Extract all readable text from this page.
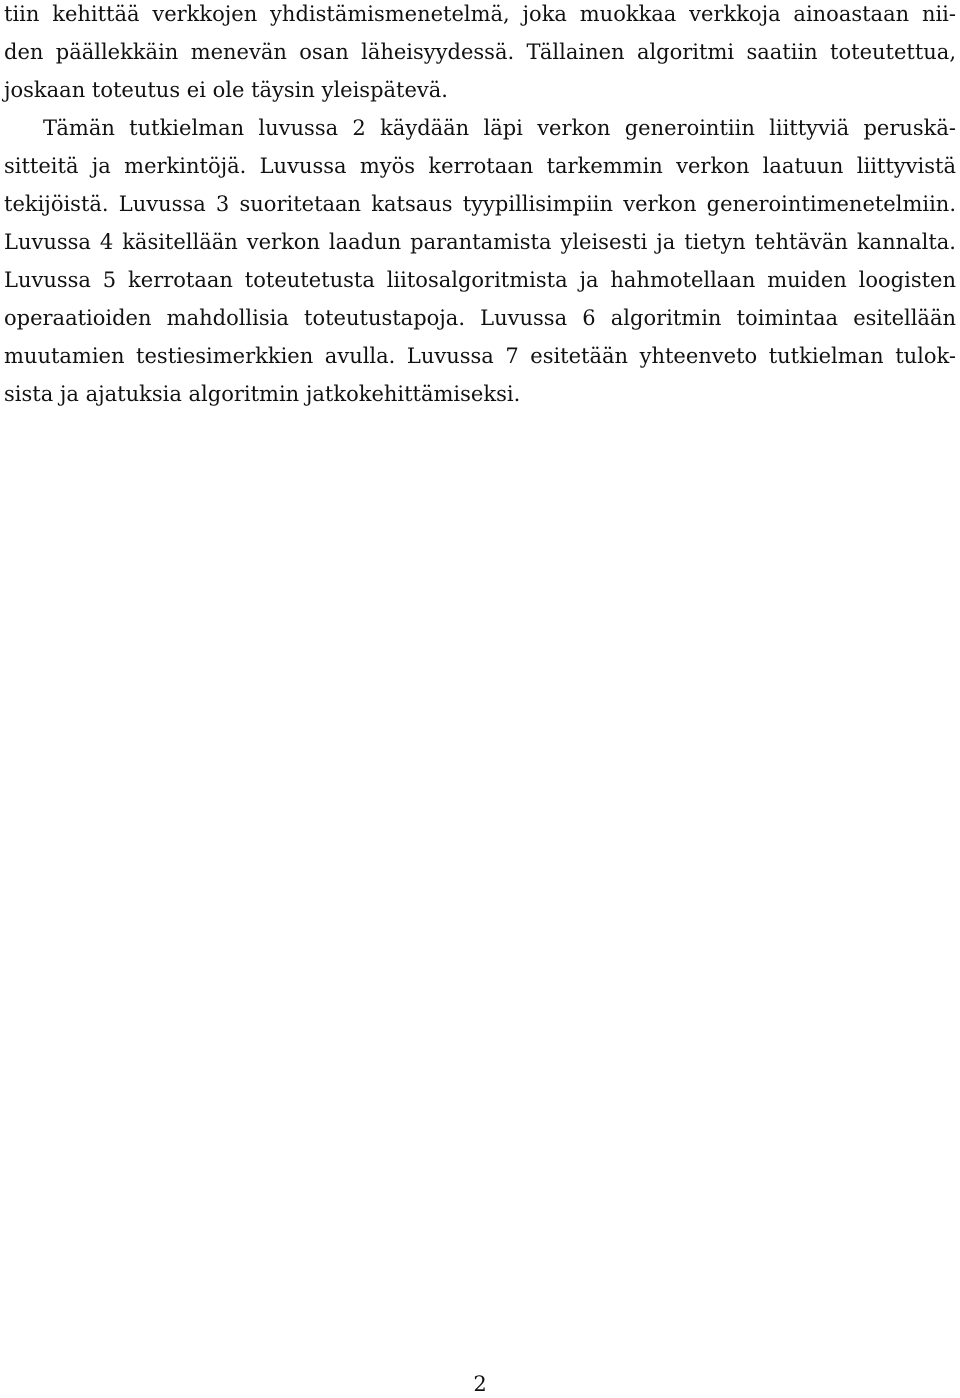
tiin kehittää verkkojen yhdistämismenetelmä, joka muokkaa verkkoja ainoastaan nii-
den päällekkäin menevän osan läheisyydessä. Tällainen algoritmi saatiin toteutettua,
joskaan toteutus ei ole täysin yleispätevä.
Tämän tutkielman luvussa 2 käydään läpi verkon generointiin liittyviä peruskä-
sitteitä ja merkintöjä. Luvussa myös kerrotaan tarkemmin verkon laatuun liittyvistä
tekijöistä. Luvussa 3 suoritetaan katsaus tyypillisimpiin verkon generointimenetelmiin.
Luvussa 4 käsitellään verkon laadun parantamista yleisesti ja tietyn tehtävän kannalta.
Luvussa 5 kerrotaan toteutetusta liitosalgoritmista ja hahmotellaan muiden loogisten
operaatioiden mahdollisia toteutustapoja. Luvussa 6 algoritmin toimintaa esitellään
muutamien testiesimerkkien avulla. Luvussa 7 esitetään yhteenveto tutkielman tulok-
sista ja ajatuksia algoritmin jatkokehittämiseksi.
2
